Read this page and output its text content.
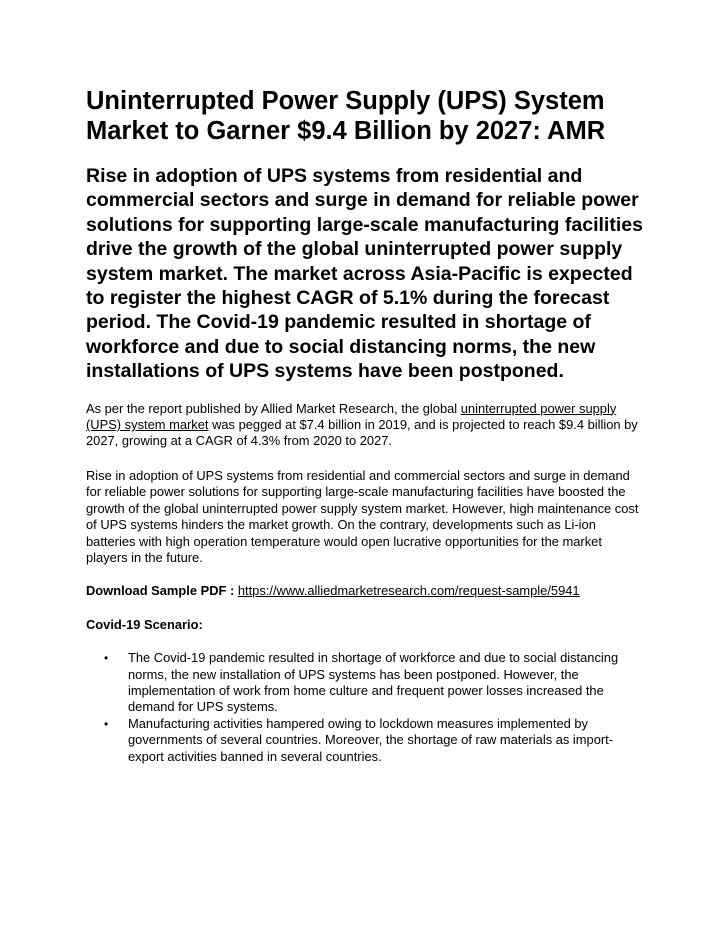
Uninterrupted Power Supply (UPS) System Market to Garner $9.4 Billion by 2027: AMR
Rise in adoption of UPS systems from residential and commercial sectors and surge in demand for reliable power solutions for supporting large-scale manufacturing facilities drive the growth of the global uninterrupted power supply system market. The market across Asia-Pacific is expected to register the highest CAGR of 5.1% during the forecast period. The Covid-19 pandemic resulted in shortage of workforce and due to social distancing norms, the new installations of UPS systems have been postponed.

As per the report published by Allied Market Research, the global uninterrupted power supply (UPS) system market was pegged at $7.4 billion in 2019, and is projected to reach $9.4 billion by 2027, growing at a CAGR of 4.3% from 2020 to 2027.

Rise in adoption of UPS systems from residential and commercial sectors and surge in demand for reliable power solutions for supporting large-scale manufacturing facilities have boosted the growth of the global uninterrupted power supply system market. However, high maintenance cost of UPS systems hinders the market growth. On the contrary, developments such as Li-ion batteries with high operation temperature would open lucrative opportunities for the market players in the future.

Download Sample PDF : https://www.alliedmarketresearch.com/request-sample/5941

Covid-19 Scenario:

• The Covid-19 pandemic resulted in shortage of workforce and due to social distancing norms, the new installation of UPS systems has been postponed. However, the implementation of work from home culture and frequent power losses increased the demand for UPS systems.
• Manufacturing activities hampered owing to lockdown measures implemented by governments of several countries. Moreover, the shortage of raw materials as import-export activities banned in several countries.
